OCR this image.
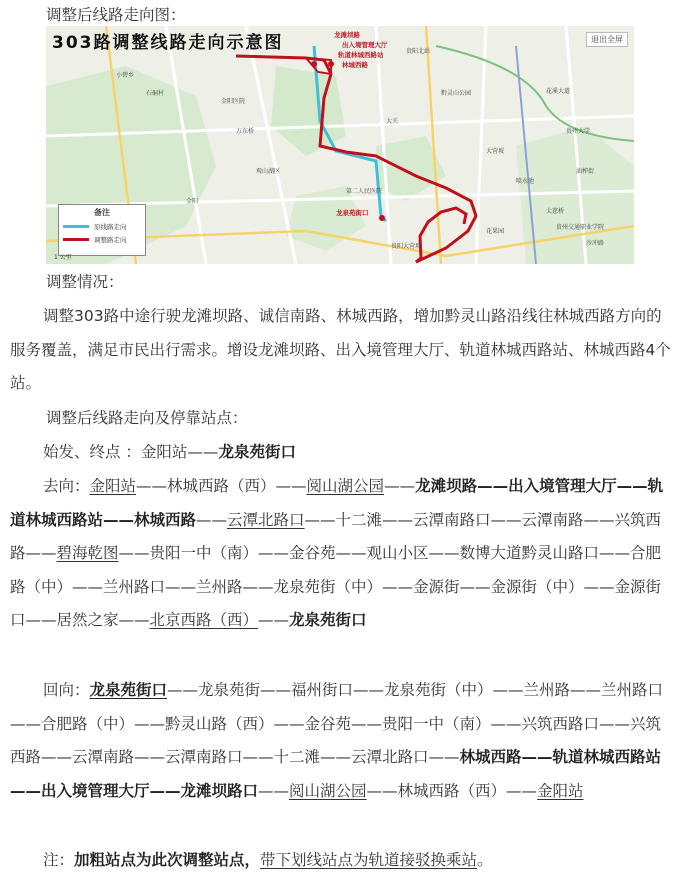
调整后线路走向图：
303路调整线路走向示意图	退出全屏
龙滩坝路
出入境管理大厅
轨道林城西路站
林城西路
龙泉苑街口
小碧乡
石硐村
金阳医院
贵阳北站
黔灵山公园
万东桥
花溪大道
贵州大学
大营坡
观山湖区
第二人民医院
金阳
喷水池
太慈桥
大关
花果园
油榨街
沙冲路
贵州交通职业学院
贵阳大营坡
备注
原线路走向
调整路走向
1 公里
调整情况：
调整303路中途行驶龙滩坝路、诚信南路、林城西路，增加黔灵山路沿线往林城西路方向的服务覆盖，满足市民出行需求。增设龙滩坝路、出入境管理大厅、轨道林城西路站、林城西路4个站。
调整后线路走向及停靠站点：
始发、终点 ：金阳站——龙泉苑街口
去向：金阳站——林城西路（西）——阅山湖公园——龙滩坝路——出入境管理大厅——轨道林城西路站——林城西路——云潭北路口——十二滩——云潭南路口——云潭南路——兴筑西路——碧海乾图——贵阳一中（南）——金谷苑——观山小区——数博大道黔灵山路口——合肥路（中）——兰州路口——兰州路——龙泉苑街（中）——金源街——金源街（中）——金源街口——居然之家——北京西路（西）——龙泉苑街口
回向：龙泉苑街口——龙泉苑街——福州街口——龙泉苑街（中）——兰州路——兰州路口——合肥路（中）——黔灵山路（西）——金谷苑——贵阳一中（南）——兴筑西路口——兴筑西路——云潭南路——云潭南路口——十二滩——云潭北路口——林城西路——轨道林城西路站——出入境管理大厅——龙滩坝路口——阅山湖公园——林城西路（西）——金阳站
注：加粗站点为此次调整站点，带下划线站点为轨道接驳换乘站。
